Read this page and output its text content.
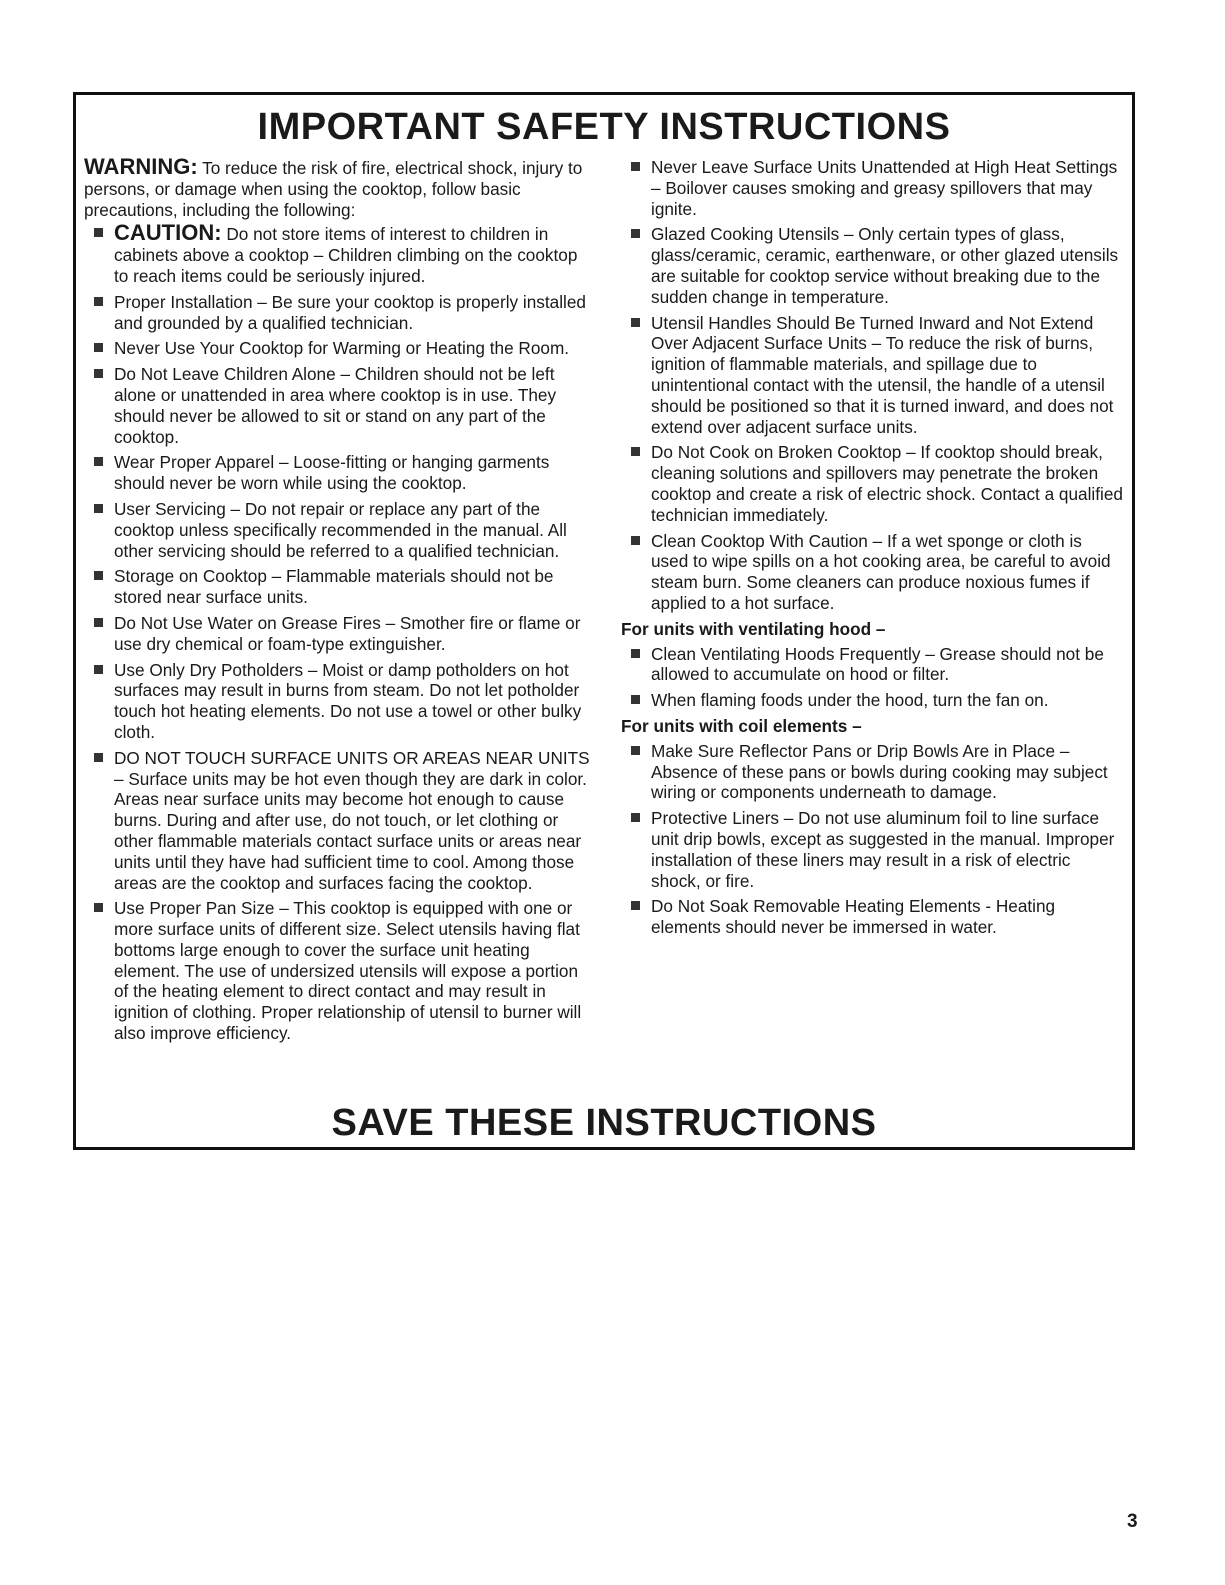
IMPORTANT SAFETY INSTRUCTIONS

WARNING: To reduce the risk of fire, electrical shock, injury to persons, or damage when using the cooktop, follow basic precautions, including the following:

CAUTION: Do not store items of interest to children in cabinets above a cooktop – Children climbing on the cooktop to reach items could be seriously injured.
Proper Installation – Be sure your cooktop is properly installed and grounded by a qualified technician.
Never Use Your Cooktop for Warming or Heating the Room.
Do Not Leave Children Alone – Children should not be left alone or unattended in area where cooktop is in use. They should never be allowed to sit or stand on any part of the cooktop.
Wear Proper Apparel – Loose-fitting or hanging garments should never be worn while using the cooktop.
User Servicing – Do not repair or replace any part of the cooktop unless specifically recommended in the manual. All other servicing should be referred to a qualified technician.
Storage on Cooktop – Flammable materials should not be stored near surface units.
Do Not Use Water on Grease Fires – Smother fire or flame or use dry chemical or foam-type extinguisher.
Use Only Dry Potholders – Moist or damp potholders on hot surfaces may result in burns from steam. Do not let potholder touch hot heating elements. Do not use a towel or other bulky cloth.
DO NOT TOUCH SURFACE UNITS OR AREAS NEAR UNITS – Surface units may be hot even though they are dark in color. Areas near surface units may become hot enough to cause burns. During and after use, do not touch, or let clothing or other flammable materials contact surface units or areas near units until they have had sufficient time to cool. Among those areas are the cooktop and surfaces facing the cooktop.
Use Proper Pan Size – This cooktop is equipped with one or more surface units of different size. Select utensils having flat bottoms large enough to cover the surface unit heating element. The use of undersized utensils will expose a portion of the heating element to direct contact and may result in ignition of clothing. Proper relationship of utensil to burner will also improve efficiency.
Never Leave Surface Units Unattended at High Heat Settings – Boilover causes smoking and greasy spillovers that may ignite.
Glazed Cooking Utensils – Only certain types of glass, glass/ceramic, ceramic, earthenware, or other glazed utensils are suitable for cooktop service without breaking due to the sudden change in temperature.
Utensil Handles Should Be Turned Inward and Not Extend Over Adjacent Surface Units – To reduce the risk of burns, ignition of flammable materials, and spillage due to unintentional contact with the utensil, the handle of a utensil should be positioned so that it is turned inward, and does not extend over adjacent surface units.
Do Not Cook on Broken Cooktop – If cooktop should break, cleaning solutions and spillovers may penetrate the broken cooktop and create a risk of electric shock. Contact a qualified technician immediately.
Clean Cooktop With Caution – If a wet sponge or cloth is used to wipe spills on a hot cooking area, be careful to avoid steam burn. Some cleaners can produce noxious fumes if applied to a hot surface.

For units with ventilating hood –

Clean Ventilating Hoods Frequently – Grease should not be allowed to accumulate on hood or filter.
When flaming foods under the hood, turn the fan on.

For units with coil elements –

Make Sure Reflector Pans or Drip Bowls Are in Place – Absence of these pans or bowls during cooking may subject wiring or components underneath to damage.
Protective Liners – Do not use aluminum foil to line surface unit drip bowls, except as suggested in the manual. Improper installation of these liners may result in a risk of electric shock, or fire.
Do Not Soak Removable Heating Elements - Heating elements should never be immersed in water.
SAVE THESE INSTRUCTIONS
3
